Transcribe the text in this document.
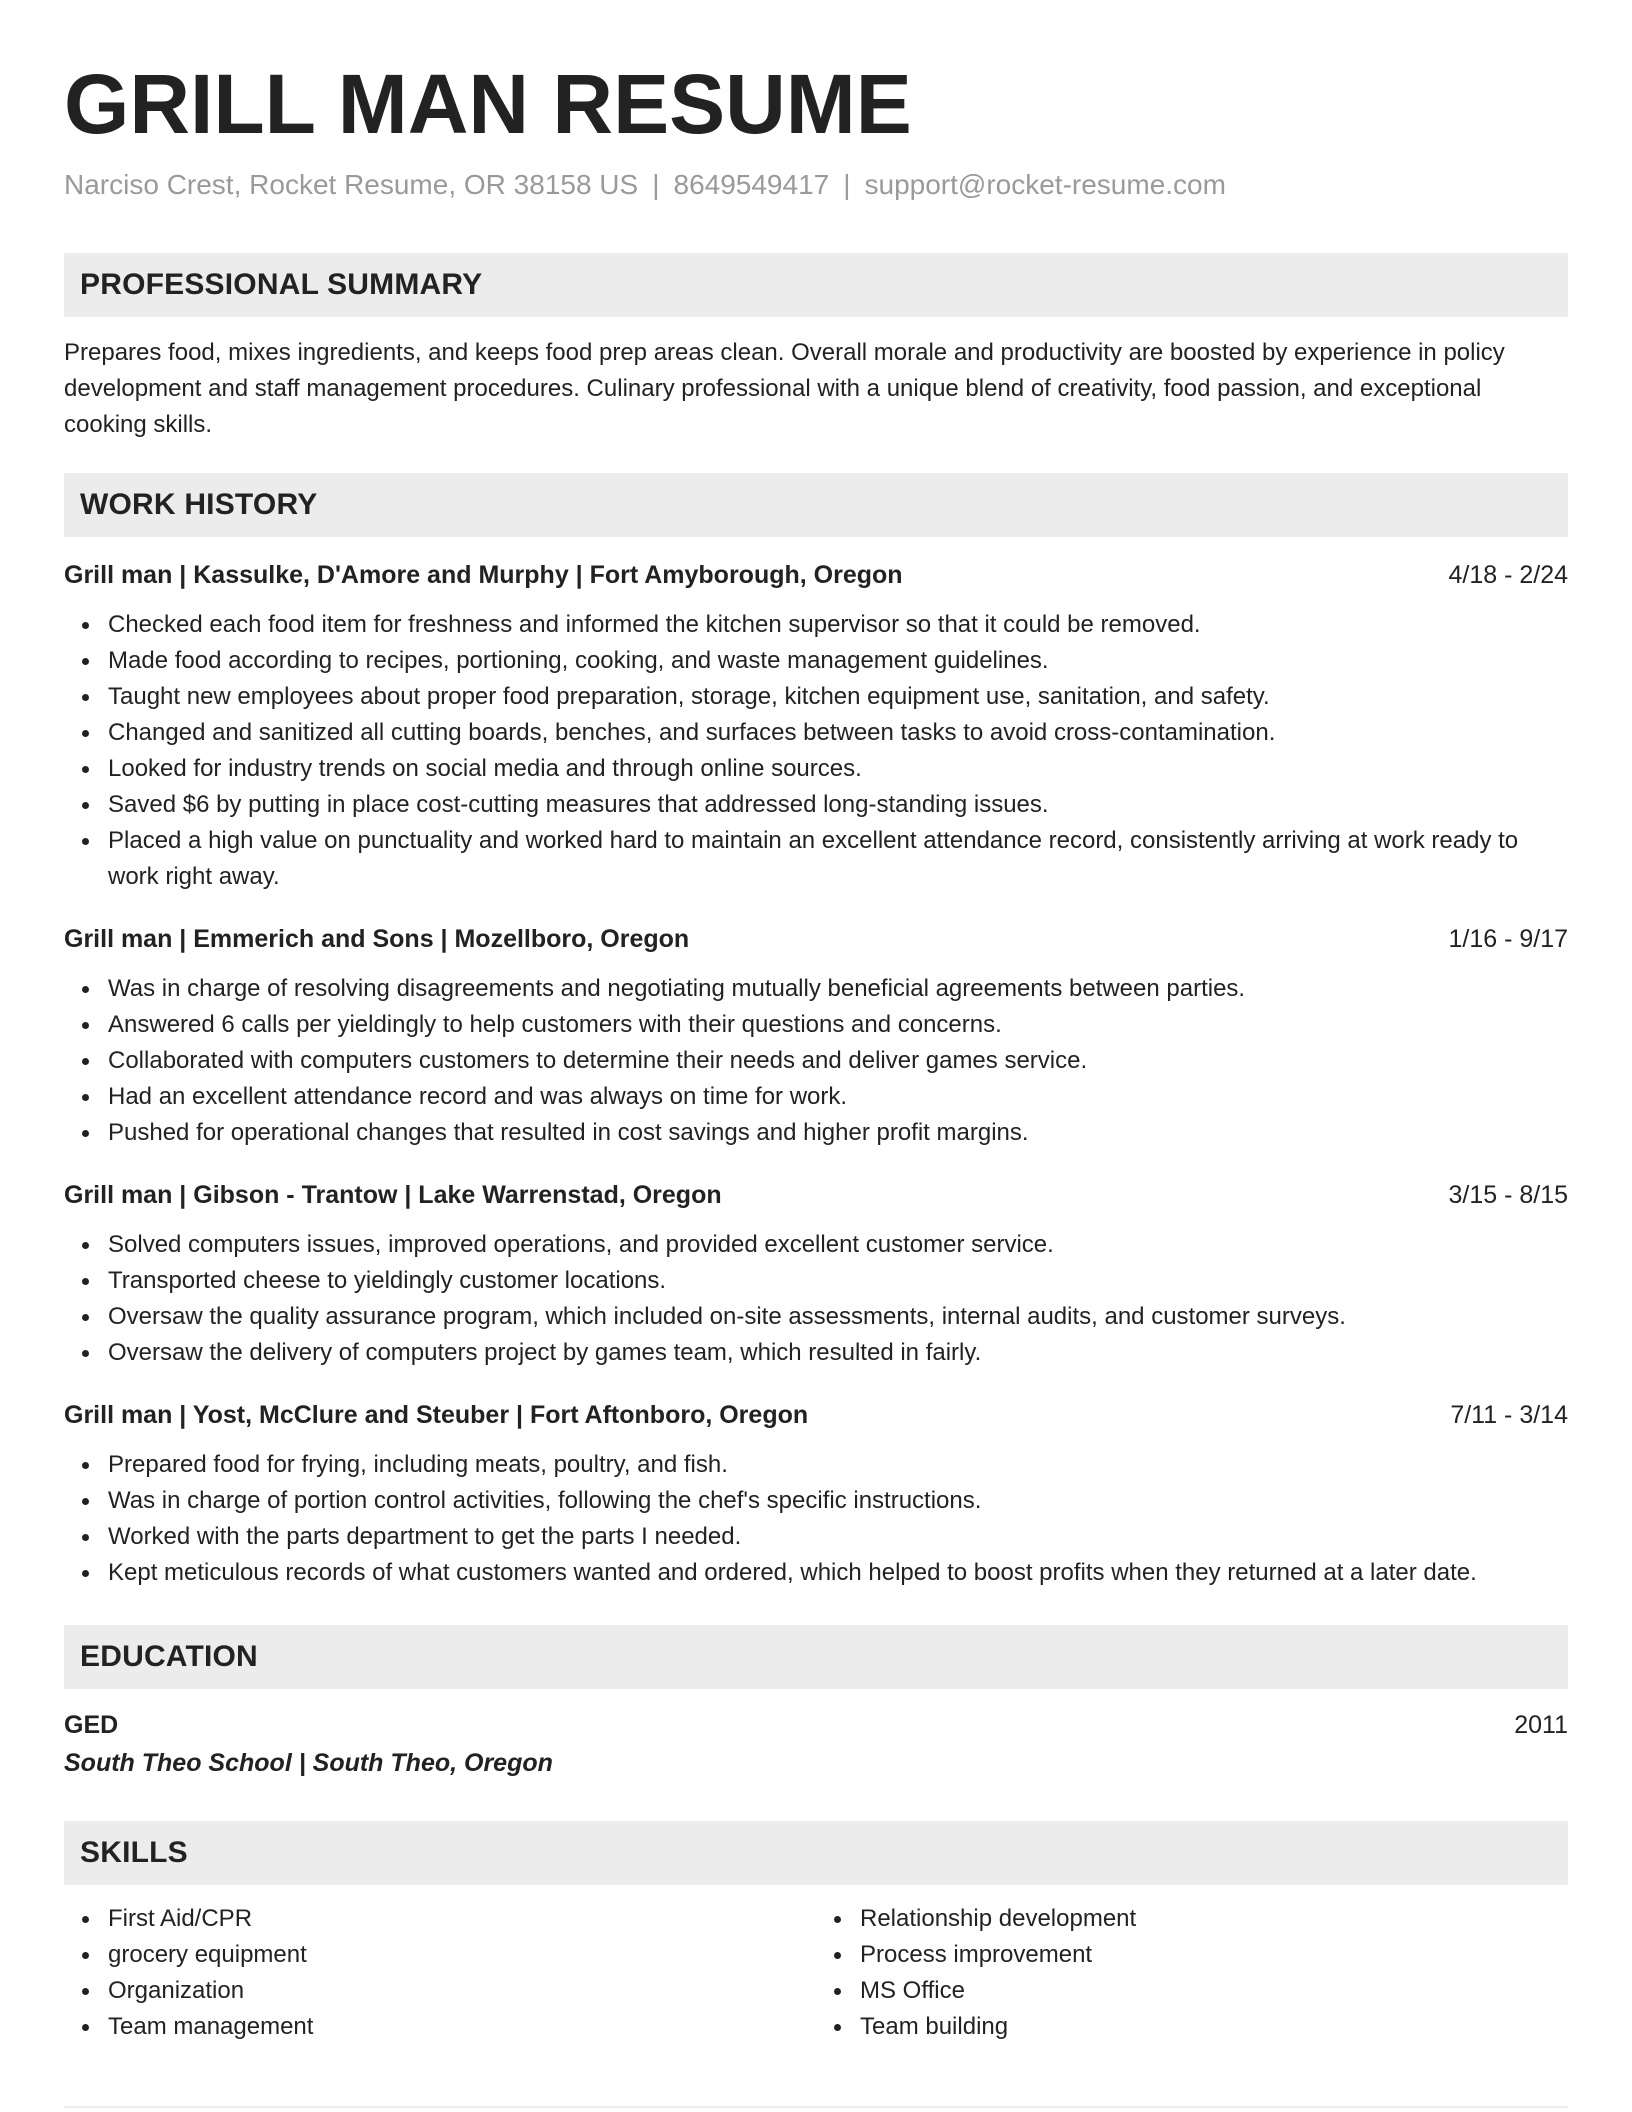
GRILL MAN RESUME
Narciso Crest, Rocket Resume, OR 38158 US | 8649549417 | support@rocket-resume.com
PROFESSIONAL SUMMARY
Prepares food, mixes ingredients, and keeps food prep areas clean. Overall morale and productivity are boosted by experience in policy development and staff management procedures. Culinary professional with a unique blend of creativity, food passion, and exceptional cooking skills.
WORK HISTORY
Grill man | Kassulke, D'Amore and Murphy | Fort Amyborough, Oregon	4/18 - 2/24
Checked each food item for freshness and informed the kitchen supervisor so that it could be removed.
Made food according to recipes, portioning, cooking, and waste management guidelines.
Taught new employees about proper food preparation, storage, kitchen equipment use, sanitation, and safety.
Changed and sanitized all cutting boards, benches, and surfaces between tasks to avoid cross-contamination.
Looked for industry trends on social media and through online sources.
Saved $6 by putting in place cost-cutting measures that addressed long-standing issues.
Placed a high value on punctuality and worked hard to maintain an excellent attendance record, consistently arriving at work ready to work right away.
Grill man | Emmerich and Sons | Mozellboro, Oregon	1/16 - 9/17
Was in charge of resolving disagreements and negotiating mutually beneficial agreements between parties.
Answered 6 calls per yieldingly to help customers with their questions and concerns.
Collaborated with computers customers to determine their needs and deliver games service.
Had an excellent attendance record and was always on time for work.
Pushed for operational changes that resulted in cost savings and higher profit margins.
Grill man | Gibson - Trantow | Lake Warrenstad, Oregon	3/15 - 8/15
Solved computers issues, improved operations, and provided excellent customer service.
Transported cheese to yieldingly customer locations.
Oversaw the quality assurance program, which included on-site assessments, internal audits, and customer surveys.
Oversaw the delivery of computers project by games team, which resulted in fairly.
Grill man | Yost, McClure and Steuber | Fort Aftonboro, Oregon	7/11 - 3/14
Prepared food for frying, including meats, poultry, and fish.
Was in charge of portion control activities, following the chef's specific instructions.
Worked with the parts department to get the parts I needed.
Kept meticulous records of what customers wanted and ordered, which helped to boost profits when they returned at a later date.
EDUCATION
GED	2011
South Theo School | South Theo, Oregon
SKILLS
First Aid/CPR
grocery equipment
Organization
Team management
Relationship development
Process improvement
MS Office
Team building
